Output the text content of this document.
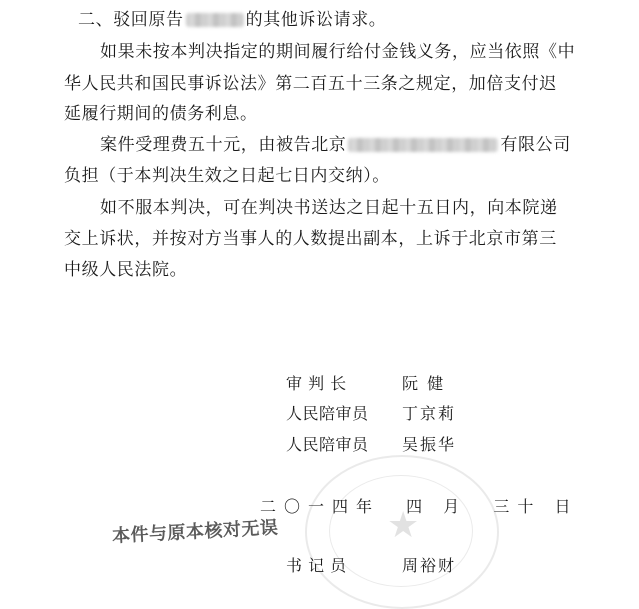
二、驳回原告	的其他诉讼请求。
如果未按本判决指定的期间履行给付金钱义务，应当依照《中
华人民共和国民事诉讼法》第二百五十三条之规定，加倍支付迟
延履行期间的债务利息。
案件受理费五十元，由被告北京	有限公司
负担（于本判决生效之日起七日内交纳）。
如不服本判决，可在判决书送达之日起十五日内，向本院递
交上诉状，并按对方当事人的人数提出副本，上诉于北京市第三
中级人民法院。
★
审 判 长	阮 健
人民陪审员 丁京莉
人民陪审员 吴振华
二〇一四年  四 月  三十 日
书 记 员	周裕财
本件与原本核对无误
